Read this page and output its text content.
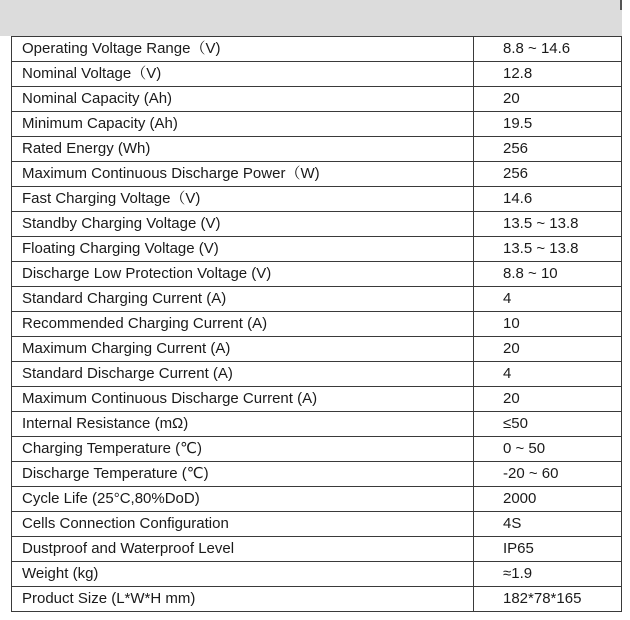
Operating Voltage Range（V)	8.8 ~ 14.6
Nominal Voltage（V)	12.8
Nominal Capacity (Ah)	20
Minimum Capacity (Ah)	19.5
Rated Energy (Wh)	256
Maximum Continuous Discharge Power（W)	256
Fast Charging Voltage（V)	14.6
Standby Charging Voltage (V)	13.5 ~ 13.8
Floating Charging Voltage (V)	13.5 ~ 13.8
Discharge Low Protection Voltage (V)	8.8 ~ 10
Standard Charging Current (A)	4
Recommended Charging Current (A)	10
Maximum Charging Current (A)	20
Standard Discharge Current (A)	4
Maximum Continuous Discharge Current (A)	20
Internal Resistance (mΩ)	≤50
Charging Temperature (℃)	0 ~ 50
Discharge Temperature (℃)	-20 ~ 60
Cycle Life (25°C,80%DoD)	2000
Cells Connection Configuration	4S
Dustproof and Waterproof Level	IP65
Weight (kg)	≈1.9
Product Size (L*W*H mm)	182*78*165
